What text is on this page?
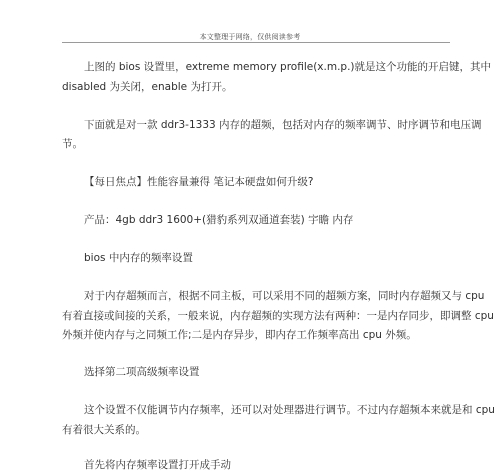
本文整理于网络，仅供阅读参考
上图的 bios 设置里，extreme memory profile(x.m.p.)就是这个功能的开启键，其中
disabled 为关闭，enable 为打开。
下面就是对一款 ddr3-1333 内存的超频，包括对内存的频率调节、时序调节和电压调
节。
【每日焦点】性能容量兼得 笔记本硬盘如何升级?
产品：4gb ddr3 1600+(猎豹系列双通道套装) 宇瞻 内存
bios 中内存的频率设置
对于内存超频而言，根据不同主板，可以采用不同的超频方案，同时内存超频又与 cpu
有着直接或间接的关系，一般来说，内存超频的实现方法有两种：一是内存同步，即调整 cpu
外频并使内存与之同频工作;二是内存异步，即内存工作频率高出 cpu 外频。
选择第二项高级频率设置
这个设置不仅能调节内存频率，还可以对处理器进行调节。不过内存超频本来就是和 cpu
有着很大关系的。
首先将内存频率设置打开成手动
